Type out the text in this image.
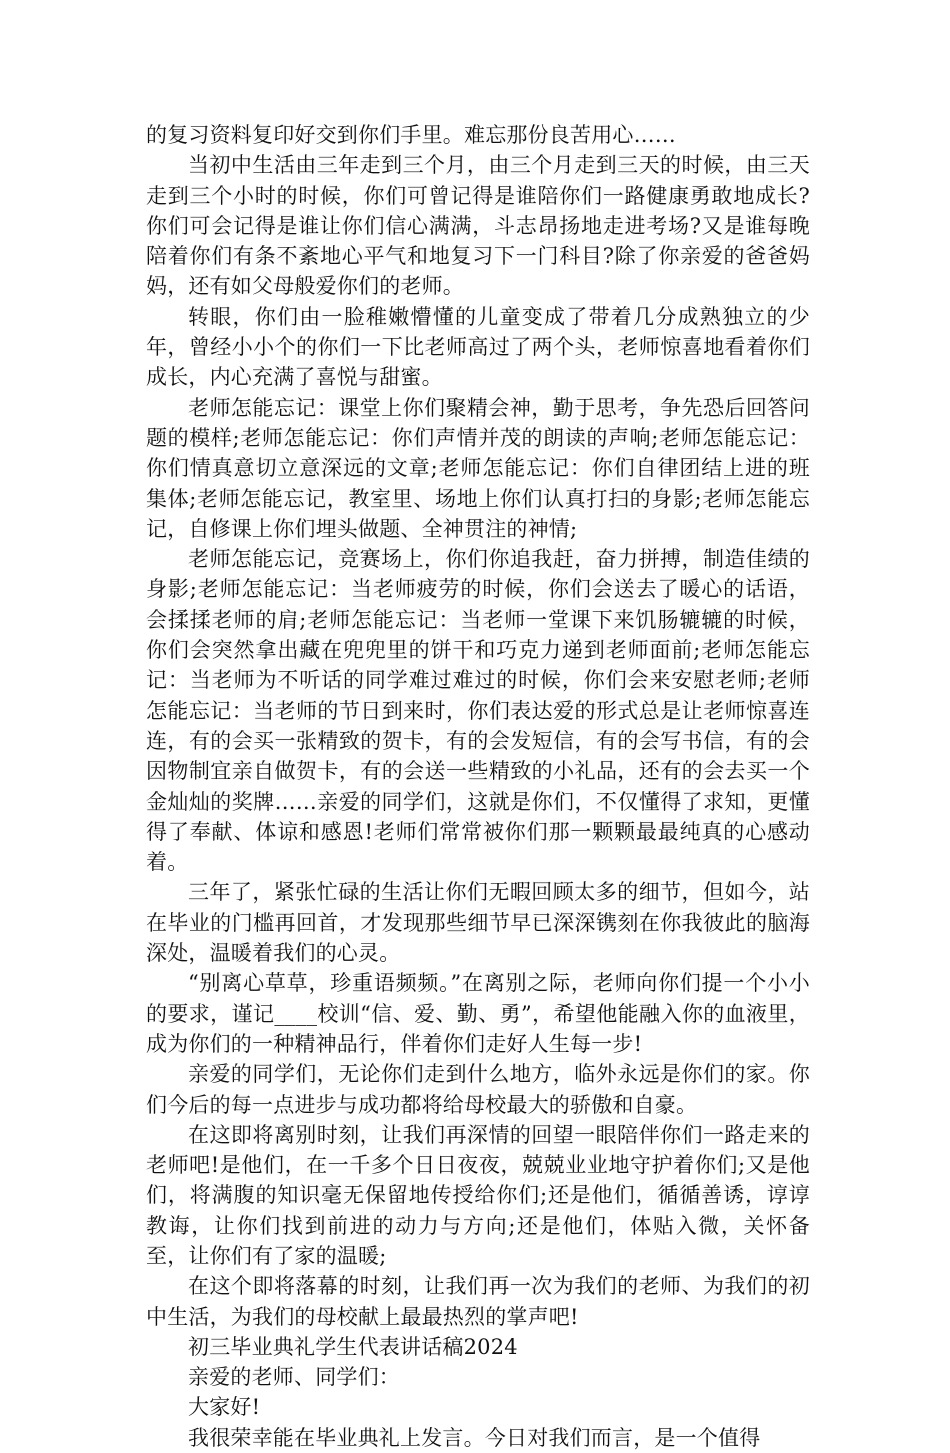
的复习资料复印好交到你们手里。难忘那份良苦用心……

当初中生活由三年走到三个月，由三个月走到三天的时候，由三天走到三个小时的时候，你们可曾记得是谁陪你们一路健康勇敢地成长?你们可会记得是谁让你们信心满满，斗志昂扬地走进考场?又是谁每晚陪着你们有条不紊地心平气和地复习下一门科目?除了你亲爱的爸爸妈妈，还有如父母般爱你们的老师。

转眼，你们由一脸稚嫩懵懂的儿童变成了带着几分成熟独立的少年，曾经小小个的你们一下比老师高过了两个头，老师惊喜地看着你们成长，内心充满了喜悦与甜蜜。

老师怎能忘记：课堂上你们聚精会神，勤于思考，争先恐后回答问题的模样;老师怎能忘记：你们声情并茂的朗读的声响;老师怎能忘记：你们情真意切立意深远的文章;老师怎能忘记：你们自律团结上进的班集体;老师怎能忘记，教室里、场地上你们认真打扫的身影;老师怎能忘记，自修课上你们埋头做题、全神贯注的神情;

老师怎能忘记，竞赛场上，你们你追我赶，奋力拼搏，制造佳绩的身影;老师怎能忘记：当老师疲劳的时候，你们会送去了暖心的话语，会揉揉老师的肩;老师怎能忘记：当老师一堂课下来饥肠辘辘的时候，你们会突然拿出藏在兜兜里的饼干和巧克力递到老师面前;老师怎能忘记：当老师为不听话的同学难过难过的时候，你们会来安慰老师;老师怎能忘记：当老师的节日到来时，你们表达爱的形式总是让老师惊喜连连，有的会买一张精致的贺卡，有的会发短信，有的会写书信，有的会因物制宜亲自做贺卡，有的会送一些精致的小礼品，还有的会去买一个金灿灿的奖牌……亲爱的同学们，这就是你们，不仅懂得了求知，更懂得了奉献、体谅和感恩!老师们常常被你们那一颗颗最最纯真的心感动着。

三年了，紧张忙碌的生活让你们无暇回顾太多的细节，但如今，站在毕业的门槛再回首，才发现那些细节早已深深镌刻在你我彼此的脑海深处，温暖着我们的心灵。

“别离心草草，珍重语频频。”在离别之际，老师向你们提一个小小的要求，谨记____校训“信、爱、勤、勇”，希望他能融入你的血液里，成为你们的一种精神品行，伴着你们走好人生每一步!

亲爱的同学们，无论你们走到什么地方，临外永远是你们的家。你们今后的每一点进步与成功都将给母校最大的骄傲和自豪。

在这即将离别时刻，让我们再深情的回望一眼陪伴你们一路走来的老师吧!是他们，在一千多个日日夜夜，兢兢业业地守护着你们;又是他们，将满腹的知识毫无保留地传授给你们;还是他们，循循善诱，谆谆教诲，让你们找到前进的动力与方向;还是他们，体贴入微，关怀备至，让你们有了家的温暖;

在这个即将落幕的时刻，让我们再一次为我们的老师、为我们的初中生活，为我们的母校献上最最热烈的掌声吧!

初三毕业典礼学生代表讲话稿2024

亲爱的老师、同学们：

大家好!

我很荣幸能在毕业典礼上发言。今日对我们而言，是一个值得
